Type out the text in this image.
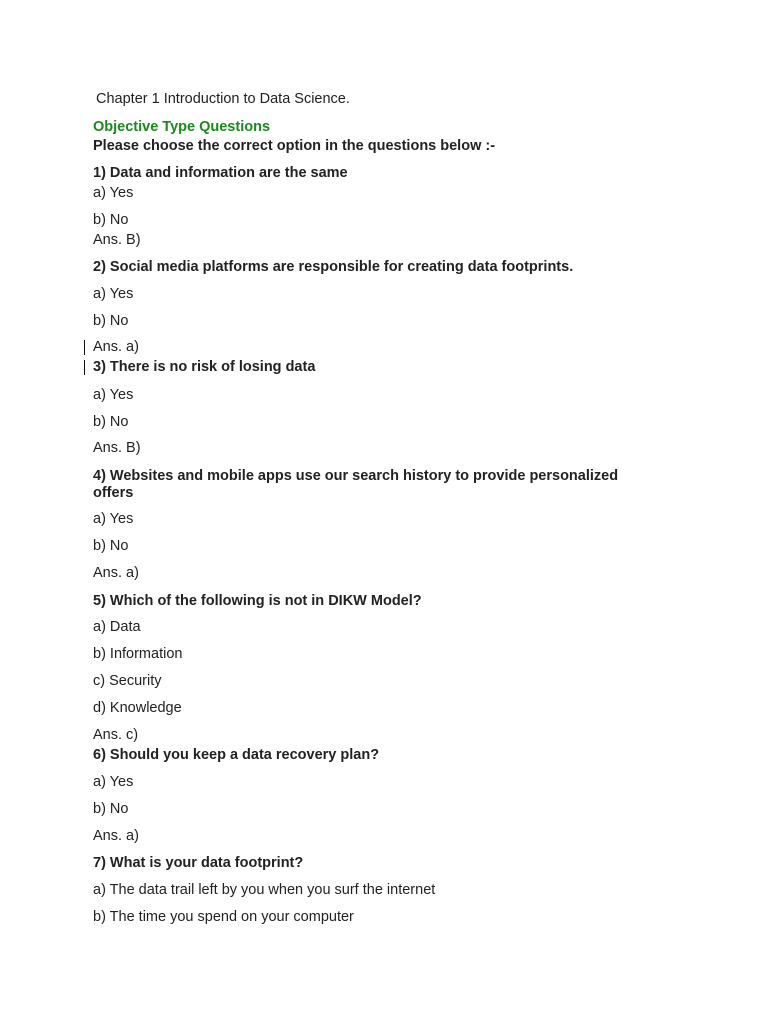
Chapter 1 Introduction to Data Science.
Objective Type Questions
Please choose the correct option in the questions below :-
1) Data and information are the same
a) Yes
b) No
Ans. B)
2) Social media platforms are responsible for creating data footprints.
a) Yes
b) No
Ans. a)
3) There is no risk of losing data
a) Yes
b) No
Ans. B)
4) Websites and mobile apps use our search history to provide personalized offers
a) Yes
b) No
Ans. a)
5) Which of the following is not in DIKW Model?
a) Data
b) Information
c) Security
d) Knowledge
Ans. c)
6) Should you keep a data recovery plan?
a) Yes
b) No
Ans. a)
7) What is your data footprint?
a) The data trail left by you when you surf the internet
b) The time you spend on your computer
